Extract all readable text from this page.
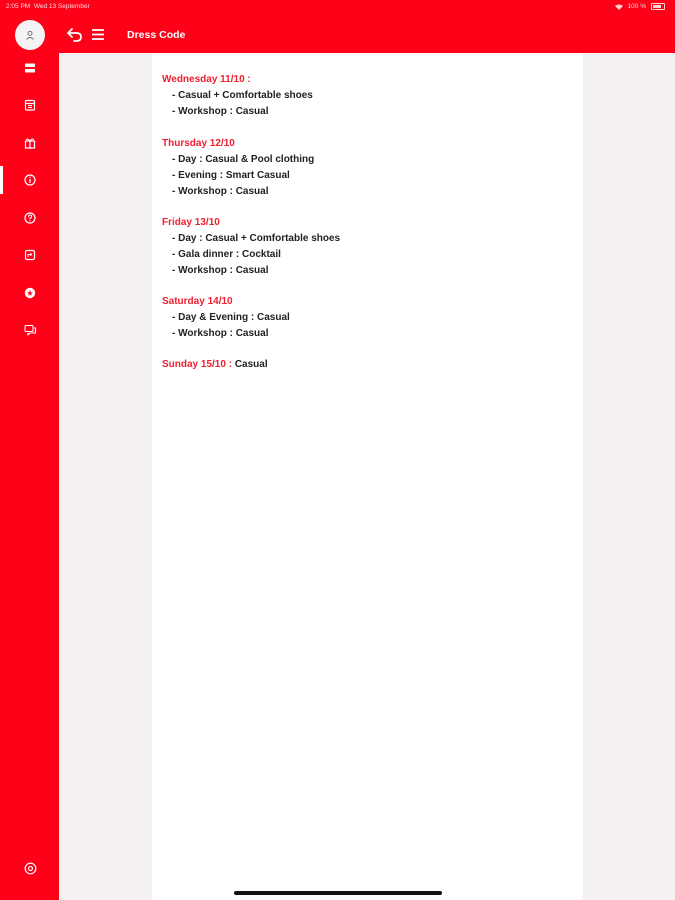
2:05 PM Wed 13 September	100 %
Dress Code
Wednesday 11/10 :
- Casual + Comfortable shoes
- Workshop : Casual
Thursday 12/10
- Day : Casual & Pool clothing
- Evening : Smart Casual
- Workshop : Casual
Friday 13/10
- Day : Casual + Comfortable shoes
- Gala dinner : Cocktail
- Workshop : Casual
Saturday 14/10
- Day & Evening : Casual
- Workshop : Casual
Sunday 15/10 : Casual
